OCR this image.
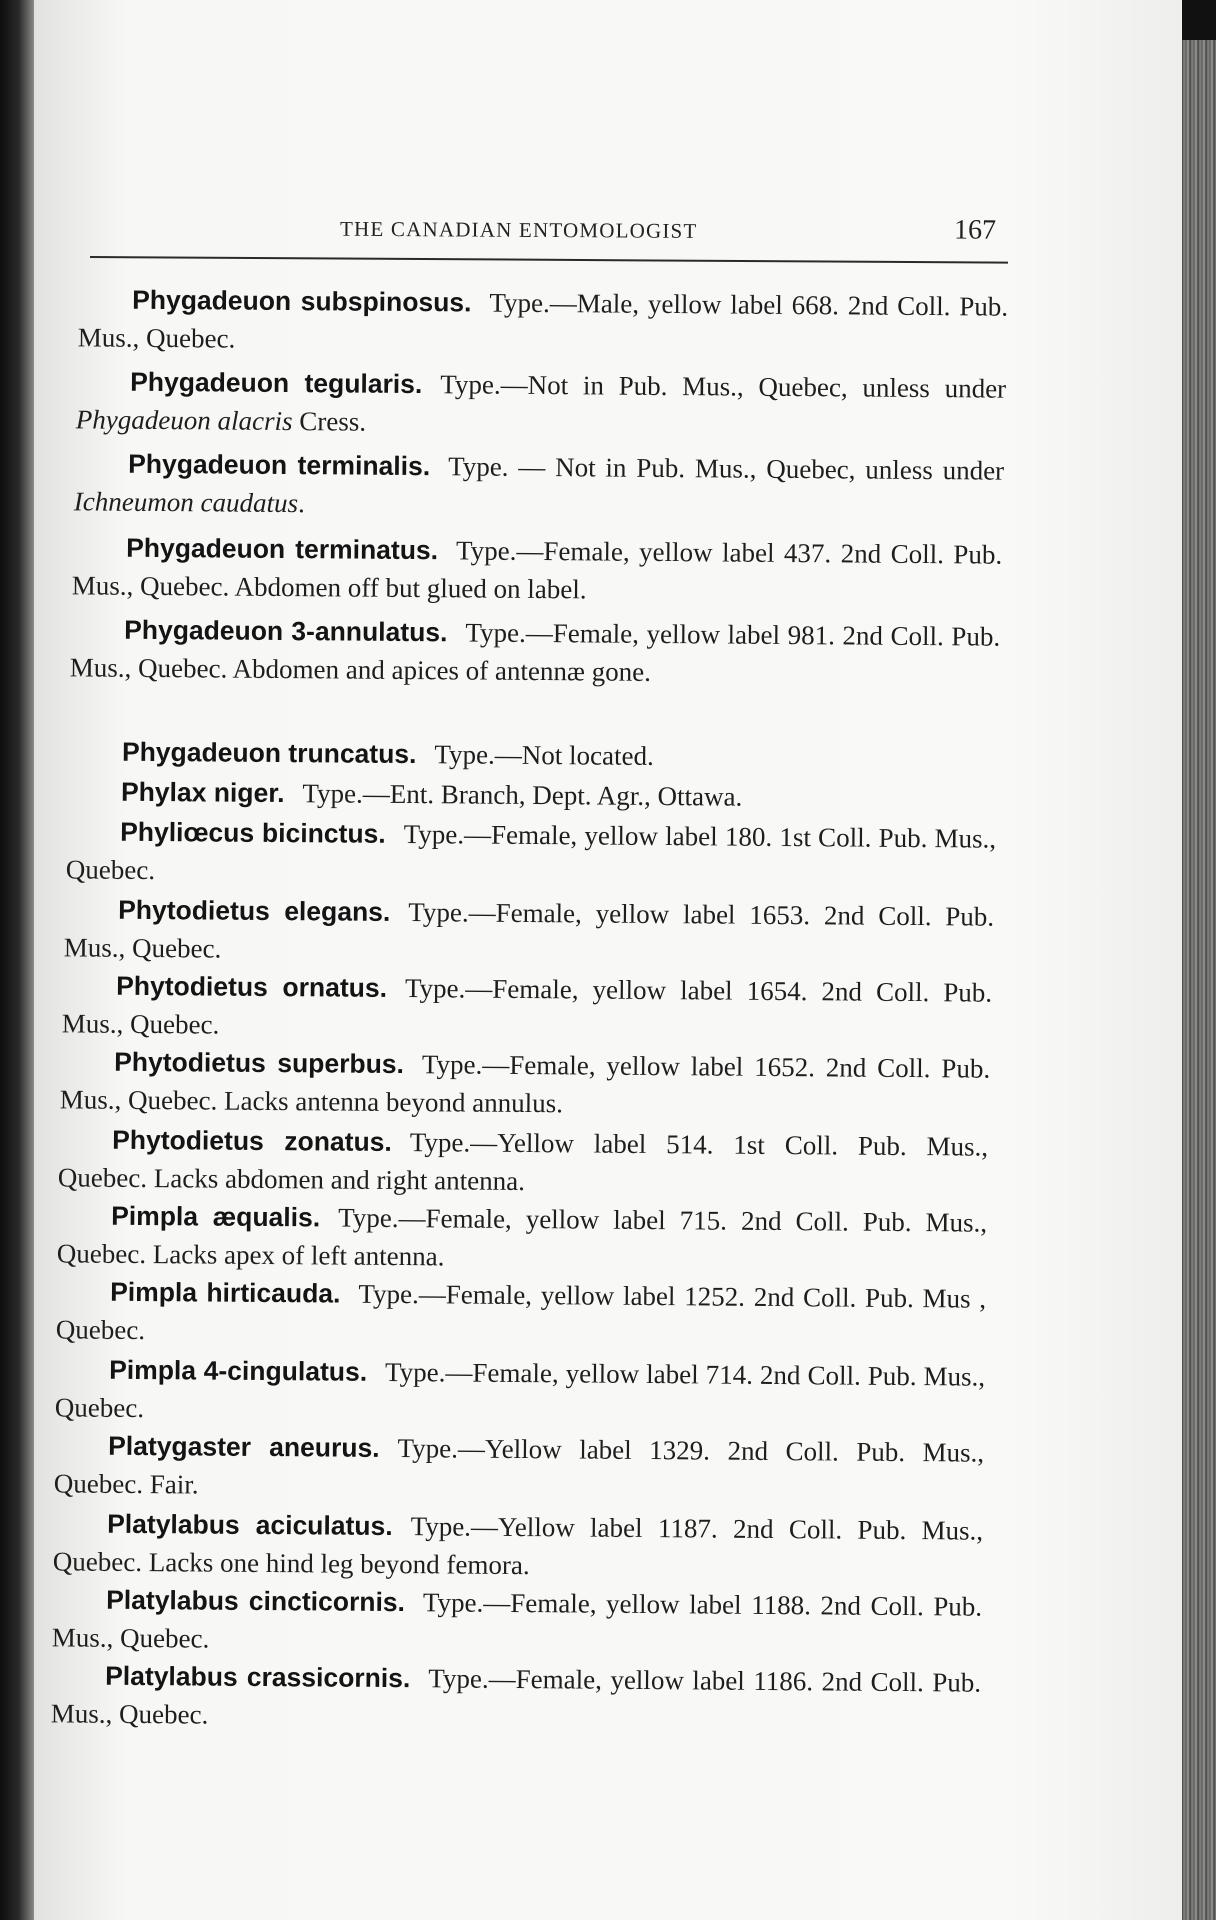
THE CANADIAN ENTOMOLOGIST	167
Phygadeuon subspinosus. Type.—Male, yellow label 668. 2nd Coll. Pub. Mus., Quebec.
Phygadeuon tegularis. Type.—Not in Pub. Mus., Quebec, unless under Phygadeuon alacris Cress.
Phygadeuon terminalis. Type. — Not in Pub. Mus., Quebec, unless under Ichneumon caudatus.
Phygadeuon terminatus. Type.—Female, yellow label 437. 2nd Coll. Pub. Mus., Quebec. Abdomen off but glued on label.
Phygadeuon 3-annulatus. Type.—Female, yellow label 981. 2nd Coll. Pub. Mus., Quebec. Abdomen and apices of antennæ gone.
Phygadeuon truncatus. Type.—Not located.
Phylax niger. Type.—Ent. Branch, Dept. Agr., Ottawa.
Phyliœcus bicinctus. Type.—Female, yellow label 180. 1st Coll. Pub. Mus., Quebec.
Phytodietus elegans. Type.—Female, yellow label 1653. 2nd Coll. Pub. Mus., Quebec.
Phytodietus ornatus. Type.—Female, yellow label 1654. 2nd Coll. Pub. Mus., Quebec.
Phytodietus superbus. Type.—Female, yellow label 1652. 2nd Coll. Pub. Mus., Quebec. Lacks antenna beyond annulus.
Phytodietus zonatus. Type.—Yellow label 514. 1st Coll. Pub. Mus., Quebec. Lacks abdomen and right antenna.
Pimpla æqualis. Type.—Female, yellow label 715. 2nd Coll. Pub. Mus., Quebec. Lacks apex of left antenna.
Pimpla hirticauda. Type.—Female, yellow label 1252. 2nd Coll. Pub. Mus , Quebec.
Pimpla 4-cingulatus. Type.—Female, yellow label 714. 2nd Coll. Pub. Mus., Quebec.
Platygaster aneurus. Type.—Yellow label 1329. 2nd Coll. Pub. Mus., Quebec. Fair.
Platylabus aciculatus. Type.—Yellow label 1187. 2nd Coll. Pub. Mus., Quebec. Lacks one hind leg beyond femora.
Platylabus cincticornis. Type.—Female, yellow label 1188. 2nd Coll. Pub. Mus., Quebec.
Platylabus crassicornis. Type.—Female, yellow label 1186. 2nd Coll. Pub. Mus., Quebec.
